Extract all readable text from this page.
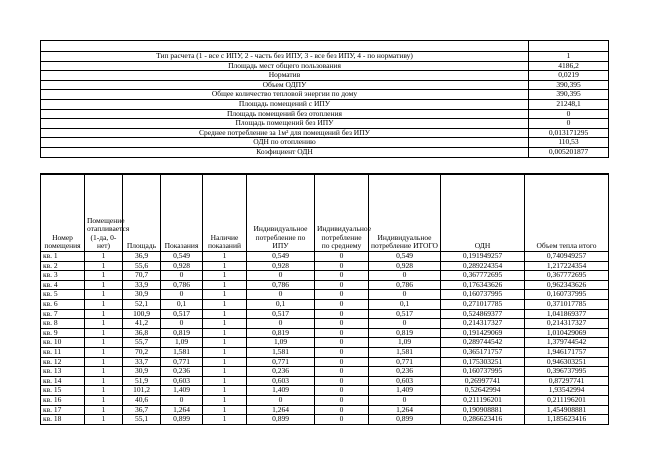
Тип расчета (1 - все с ИПУ, 2 - часть без ИПУ, 3 - все без ИПУ, 4 - по нормативу)	1
Площадь мест общего пользования	4186,2
Норматив	0,0219
Объем ОДПУ	390,395
Общее количество тепловой энергии по дому	390,395
Площадь помещений с ИПУ	21248,1
Площадь помещений без отопления	0
Площадь помещений без ИПУ	0
Среднее потребление за 1м² для помещений без ИПУ	0,013171295
ОДН по отоплению	110,53
Коэфициент ОДН	0,005201877

Номер помещения	Помещение отапливается (1-да, 0-нет)	Площадь	Показания	Наличие показаний	Индивидуальное потребление по ИПУ	Индивидуальное потребление по среднему	Индивидуальное потребление ИТОГО	ОДН	Объем тепла итого
кв. 1	1	36,9	0,549	1	0,549	0	0,549	0,191949257	0,740949257
кв. 2	1	55,6	0,928	1	0,928	0	0,928	0,289224354	1,217224354
кв. 3	1	70,7	0	1	0	0	0	0,367772695	0,367772695
кв. 4	1	33,9	0,786	1	0,786	0	0,786	0,176343626	0,962343626
кв. 5	1	30,9	0	1	0	0	0	0,160737995	0,160737995
кв. 6	1	52,1	0,1	1	0,1	0	0,1	0,271017785	0,371017785
кв. 7	1	100,9	0,517	1	0,517	0	0,517	0,524869377	1,041869377
кв. 8	1	41,2	0	1	0	0	0	0,214317327	0,214317327
кв. 9	1	36,8	0,819	1	0,819	0	0,819	0,191429069	1,010429069
кв. 10	1	55,7	1,09	1	1,09	0	1,09	0,289744542	1,379744542
кв. 11	1	70,2	1,581	1	1,581	0	1,581	0,365171757	1,946171757
кв. 12	1	33,7	0,771	1	0,771	0	0,771	0,175303251	0,946303251
кв. 13	1	30,9	0,236	1	0,236	0	0,236	0,160737995	0,396737995
кв. 14	1	51,9	0,603	1	0,603	0	0,603	0,26997741	0,87297741
кв. 15	1	101,2	1,409	1	1,409	0	1,409	0,52642994	1,93542994
кв. 16	1	40,6	0	1	0	0	0	0,211196201	0,211196201
кв. 17	1	36,7	1,264	1	1,264	0	1,264	0,190908881	1,454908881
кв. 18	1	55,1	0,899	1	0,899	0	0,899	0,286623416	1,185623416
